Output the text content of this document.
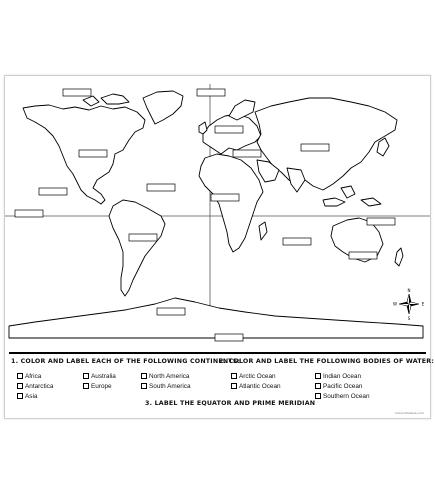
N
S
E
W
1. COLOR AND LABEL EACH OF THE FOLLOWING CONTINENTS:
2. COLOR AND LABEL THE FOLLOWING BODIES OF WATER:
Africa
Antarctica
Asia
Australia
Europe
North America
South America
Arctic Ocean
Atlantic Ocean
Indian Ocean
Pacific Ocean
Southern Ocean
3. LABEL THE EQUATOR AND PRIME MERIDIAN
CarsonDellosa.com
